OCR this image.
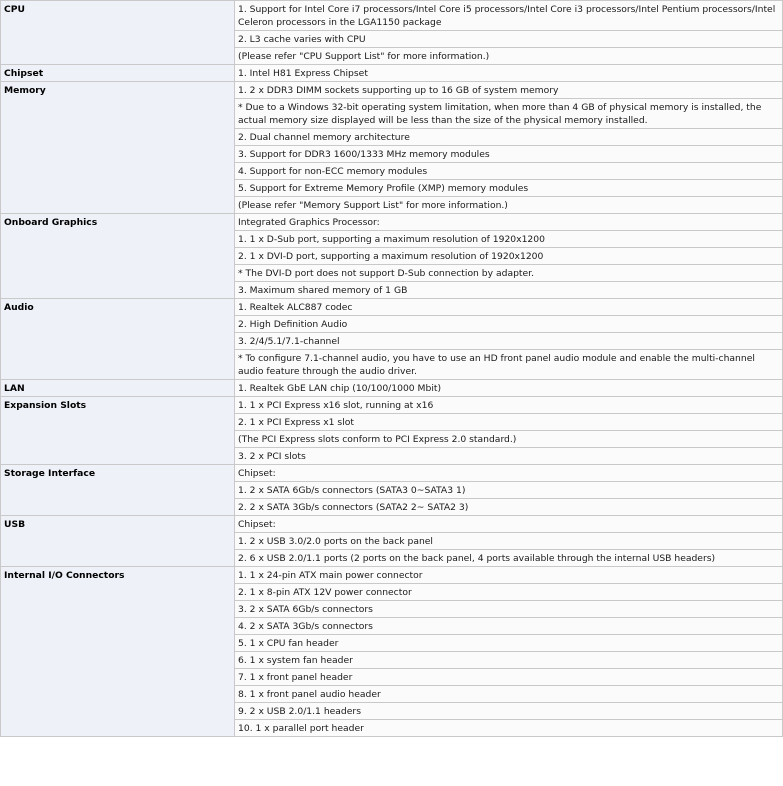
CPU	1. Support for Intel Core i7 processors/Intel Core i5 processors/Intel Core i3 processors/Intel Pentium processors/Intel Celeron processors in the LGA1150 package
	2. L3 cache varies with CPU
	(Please refer "CPU Support List" for more information.)
Chipset	1. Intel H81 Express Chipset
Memory	1. 2 x DDR3 DIMM sockets supporting up to 16 GB of system memory
	* Due to a Windows 32-bit operating system limitation, when more than 4 GB of physical memory is installed, the actual memory size displayed will be less than the size of the physical memory installed.
	2. Dual channel memory architecture
	3. Support for DDR3 1600/1333 MHz memory modules
	4. Support for non-ECC memory modules
	5. Support for Extreme Memory Profile (XMP) memory modules
	(Please refer "Memory Support List" for more information.)
Onboard Graphics	Integrated Graphics Processor:
	1. 1 x D-Sub port, supporting a maximum resolution of 1920x1200
	2. 1 x DVI-D port, supporting a maximum resolution of 1920x1200
	* The DVI-D port does not support D-Sub connection by adapter.
	3. Maximum shared memory of 1 GB
Audio	1. Realtek ALC887 codec
	2. High Definition Audio
	3. 2/4/5.1/7.1-channel
	* To configure 7.1-channel audio, you have to use an HD front panel audio module and enable the multi-channel audio feature through the audio driver.
LAN	1. Realtek GbE LAN chip (10/100/1000 Mbit)
Expansion Slots	1. 1 x PCI Express x16 slot, running at x16
	2. 1 x PCI Express x1 slot
	(The PCI Express slots conform to PCI Express 2.0 standard.)
	3. 2 x PCI slots
Storage Interface	Chipset:
	1. 2 x SATA 6Gb/s connectors (SATA3 0~SATA3 1)
	2. 2 x SATA 3Gb/s connectors (SATA2 2~ SATA2 3)
USB	Chipset:
	1. 2 x USB 3.0/2.0 ports on the back panel
	2. 6 x USB 2.0/1.1 ports (2 ports on the back panel, 4 ports available through the internal USB headers)
Internal I/O Connectors	1. 1 x 24-pin ATX main power connector
	2. 1 x 8-pin ATX 12V power connector
	3. 2 x SATA 6Gb/s connectors
	4. 2 x SATA 3Gb/s connectors
	5. 1 x CPU fan header
	6. 1 x system fan header
	7. 1 x front panel header
	8. 1 x front panel audio header
	9. 2 x USB 2.0/1.1 headers
	10. 1 x parallel port header
